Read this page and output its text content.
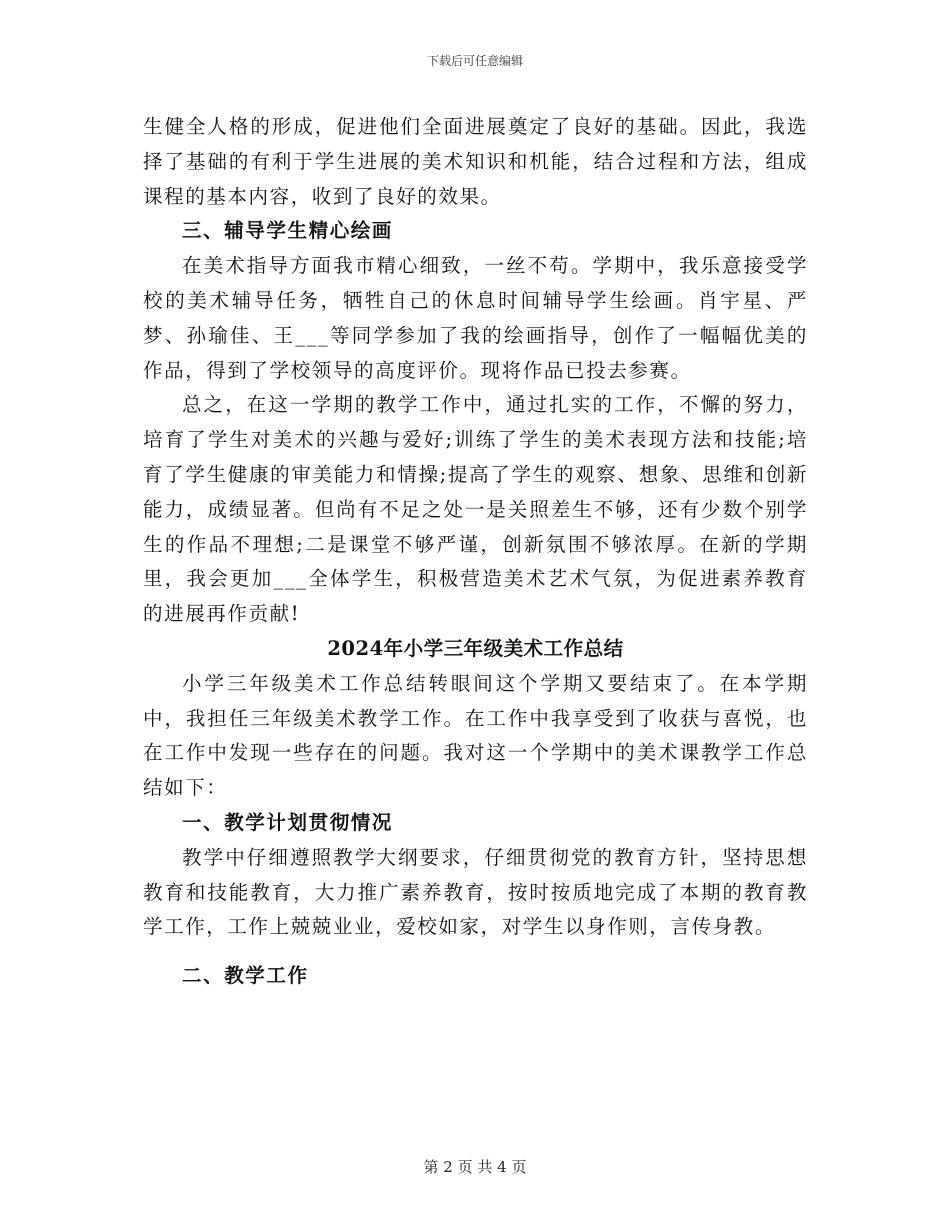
下载后可任意编辑

生健全人格的形成，促进他们全面进展奠定了良好的基础。因此，我选择了基础的有利于学生进展的美术知识和机能，结合过程和方法，组成课程的基本内容，收到了良好的效果。

三、辅导学生精心绘画

在美术指导方面我市精心细致，一丝不苟。学期中，我乐意接受学校的美术辅导任务，牺牲自己的休息时间辅导学生绘画。肖宇星、严梦、孙瑜佳、王___等同学参加了我的绘画指导，创作了一幅幅优美的作品，得到了学校领导的高度评价。现将作品已投去参赛。

总之，在这一学期的教学工作中，通过扎实的工作，不懈的努力，培育了学生对美术的兴趣与爱好;训练了学生的美术表现方法和技能;培育了学生健康的审美能力和情操;提高了学生的观察、想象、思维和创新能力，成绩显著。但尚有不足之处一是关照差生不够，还有少数个别学生的作品不理想;二是课堂不够严谨，创新氛围不够浓厚。在新的学期里，我会更加___全体学生，积极营造美术艺术气氛，为促进素养教育的进展再作贡献!

2024年小学三年级美术工作总结

小学三年级美术工作总结转眼间这个学期又要结束了。在本学期中，我担任三年级美术教学工作。在工作中我享受到了收获与喜悦，也在工作中发现一些存在的问题。我对这一个学期中的美术课教学工作总结如下：

一、教学计划贯彻情况

教学中仔细遵照教学大纲要求，仔细贯彻党的教育方针，坚持思想教育和技能教育，大力推广素养教育，按时按质地完成了本期的教育教学工作，工作上兢兢业业，爱校如家，对学生以身作则，言传身教。

二、教学工作

第 2 页 共 4 页
